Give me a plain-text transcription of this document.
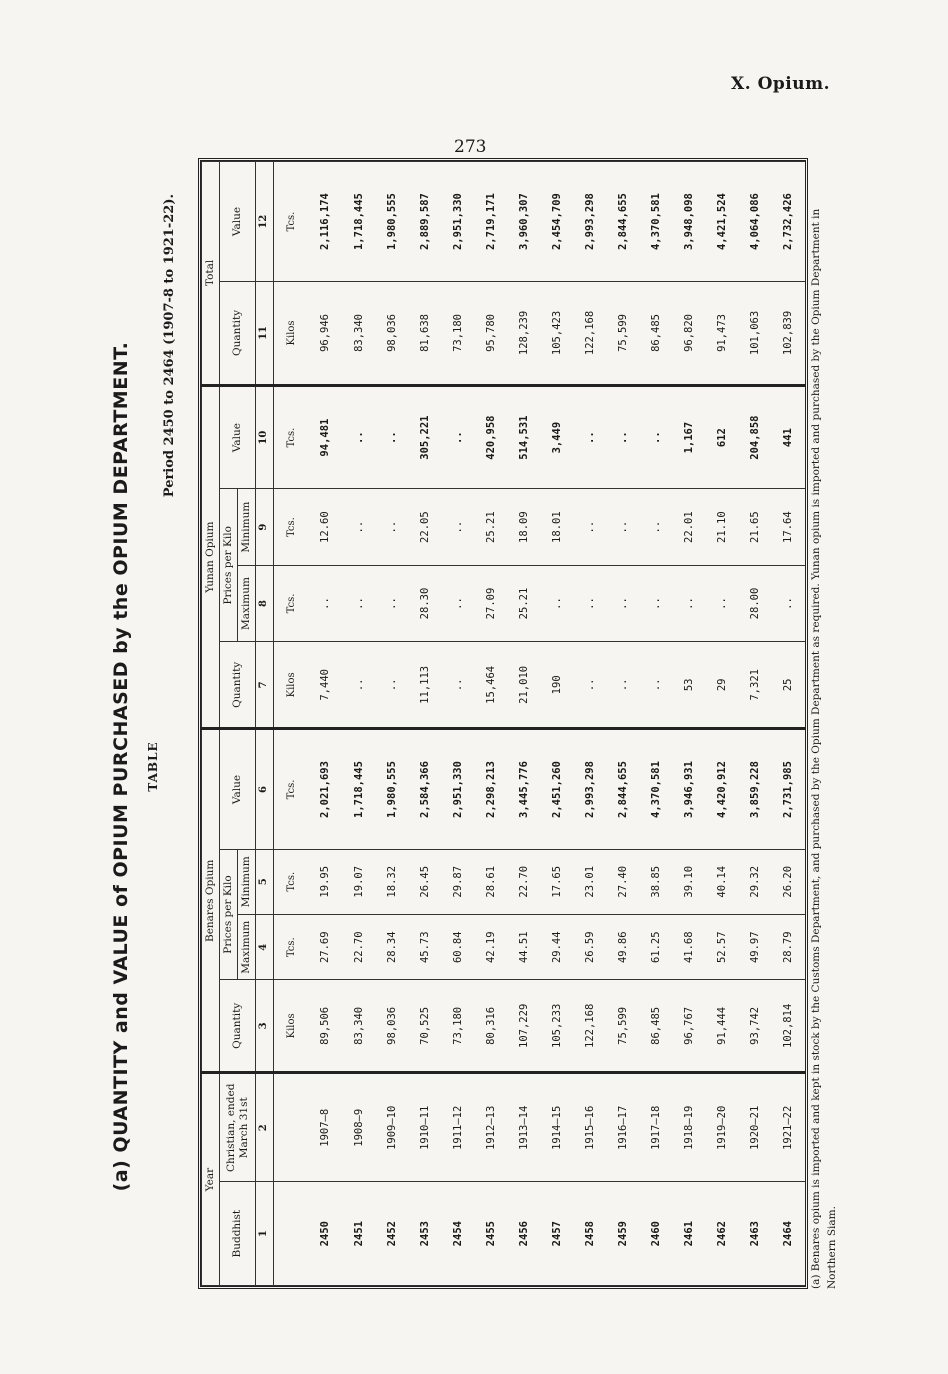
X. Opium.
273
(a) QUANTITY and VALUE of OPIUM PURCHASED by the OPIUM DEPARTMENT. TABLE
Period 2450 to 2464 (1907-8 to 1921-22).
Year		Benares Opium				Yunan Opium				Total	
Buddhist	Christian, ended March 31st	Quantity	Prices per Kilo		Value	Quantity	Prices per Kilo		Value	Quantity	Value
			Maximum	Minimum			Maximum	Minimum			
1	2	3	4	5	6	7	8	9	10	11	12
		Kilos	Tcs.	Tcs.	Tcs.	Kilos	Tcs.	Tcs.	Tcs.	Kilos	Tcs.
2450	1907–8	89,506	27.69	19.95	2,021,693	7,440	..	12.60	94,481	96,946	2,116,174
2451	1908–9	83,340	22.70	19.07	1,718,445	..	..	..	..	83,340	1,718,445
2452	1909–10	98,036	28.34	18.32	1,980,555	..	..	..	..	98,036	1,980,555
2453	1910–11	70,525	45.73	26.45	2,584,366	11,113	28.30	22.05	305,221	81,638	2,889,587
2454	1911–12	73,180	60.84	29.87	2,951,330	..	..	..	..	73,180	2,951,330
2455	1912–13	80,316	42.19	28.61	2,298,213	15,464	27.09	25.21	420,958	95,780	2,719,171
2456	1913–14	107,229	44.51	22.70	3,445,776	21,010	25.21	18.09	514,531	128,239	3,960,307
2457	1914–15	105,233	29.44	17.65	2,451,260	190	..	18.01	3,449	105,423	2,454,709
2458	1915–16	122,168	26.59	23.01	2,993,298	..	..	..	..	122,168	2,993,298
2459	1916–17	75,599	49.86	27.40	2,844,655	..	..	..	..	75,599	2,844,655
2460	1917–18	86,485	61.25	38.85	4,370,581	..	..	..	..	86,485	4,370,581
2461	1918–19	96,767	41.68	39.10	3,946,931	53	..	22.01	1,167	96,820	3,948,098
2462	1919–20	91,444	52.57	40.14	4,420,912	29	..	21.10	612	91,473	4,421,524
2463	1920–21	93,742	49.97	29.32	3,859,228	7,321	28.00	21.65	204,858	101,063	4,064,086
2464	1921–22	102,814	28.79	26.20	2,731,985	25	..	17.64	441	102,839	2,732,426 (a) Benares opium is imported and kept in stock by the Customs Department, and purchased by the Opium Department as required. Yunan opium is imported and purchased by the Opium Department in Northern Siam.
